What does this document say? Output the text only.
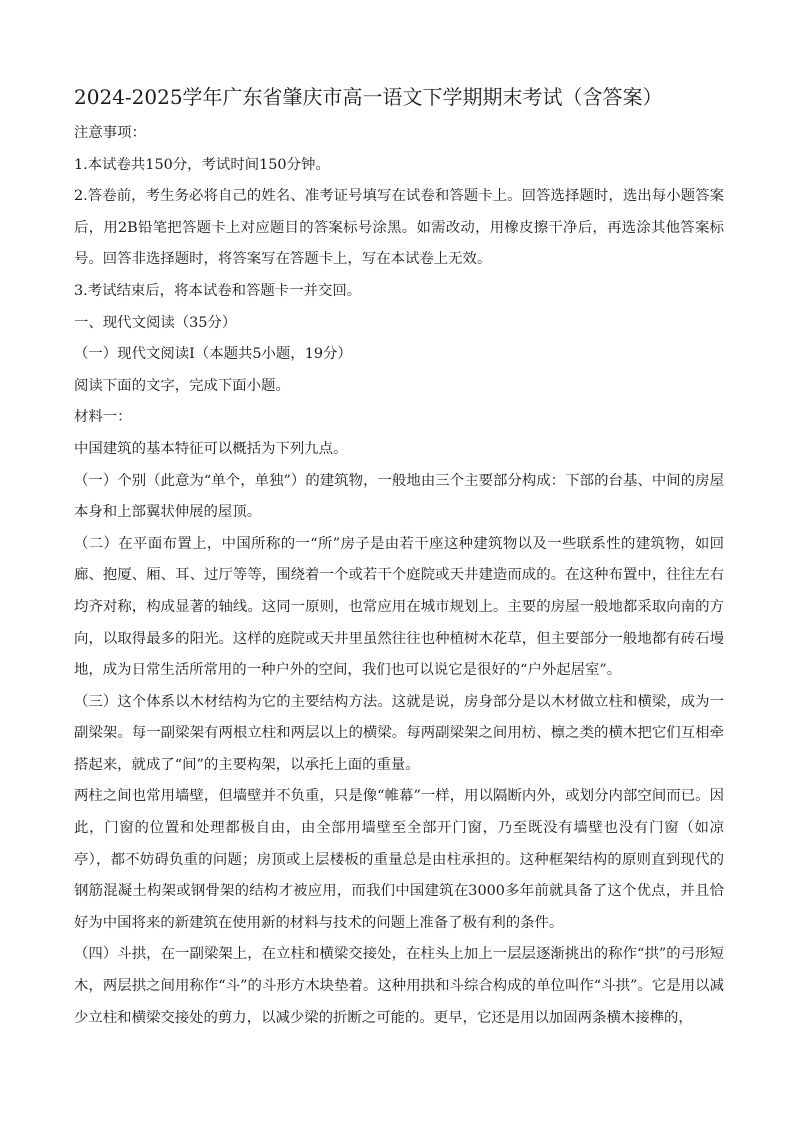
2024-2025学年广东省肇庆市高一语文下学期期末考试（含答案）

注意事项：

1.本试卷共150分，考试时间150分钟。

2.答卷前，考生务必将自己的姓名、准考证号填写在试卷和答题卡上。回答选择题时，选出每小题答案后，用2B铅笔把答题卡上对应题目的答案标号涂黑。如需改动，用橡皮擦干净后，再选涂其他答案标号。回答非选择题时，将答案写在答题卡上，写在本试卷上无效。

3.考试结束后，将本试卷和答题卡一并交回。

一、现代文阅读（35分）

（一）现代文阅读Ⅰ（本题共5小题，19分）

阅读下面的文字，完成下面小题。

材料一：

中国建筑的基本特征可以概括为下列九点。

（一）个别（此意为“单个，单独”）的建筑物，一般地由三个主要部分构成：下部的台基、中间的房屋本身和上部翼状伸展的屋顶。

（二）在平面布置上，中国所称的一“所”房子是由若干座这种建筑物以及一些联系性的建筑物，如回廊、抱厦、厢、耳、过厅等等，围绕着一个或若干个庭院或天井建造而成的。在这种布置中，往往左右均齐对称，构成显著的轴线。这同一原则，也常应用在城市规划上。主要的房屋一般地都采取向南的方向，以取得最多的阳光。这样的庭院或天井里虽然往往也种植树木花草，但主要部分一般地都有砖石墁地，成为日常生活所常用的一种户外的空间，我们也可以说它是很好的“户外起居室”。

（三）这个体系以木材结构为它的主要结构方法。这就是说，房身部分是以木材做立柱和横梁，成为一副梁架。每一副梁架有两根立柱和两层以上的横梁。每两副梁架之间用枋、檩之类的横木把它们互相牵搭起来，就成了“间”的主要构架，以承托上面的重量。

两柱之间也常用墙壁，但墙壁并不负重，只是像“帷幕”一样，用以隔断内外，或划分内部空间而已。因此，门窗的位置和处理都极自由，由全部用墙壁至全部开门窗，乃至既没有墙壁也没有门窗（如凉亭），都不妨碍负重的问题；房顶或上层楼板的重量总是由柱承担的。这种框架结构的原则直到现代的钢筋混凝土构架或钢骨架的结构才被应用，而我们中国建筑在3000多年前就具备了这个优点，并且恰好为中国将来的新建筑在使用新的材料与技术的问题上准备了极有利的条件。

（四）斗拱，在一副梁架上，在立柱和横梁交接处，在柱头上加上一层层逐渐挑出的称作“拱”的弓形短木，两层拱之间用称作“斗”的斗形方木块垫着。这种用拱和斗综合构成的单位叫作“斗拱”。它是用以减少立柱和横梁交接处的剪力，以减少梁的折断之可能的。更早，它还是用以加固两条横木接榫的，
